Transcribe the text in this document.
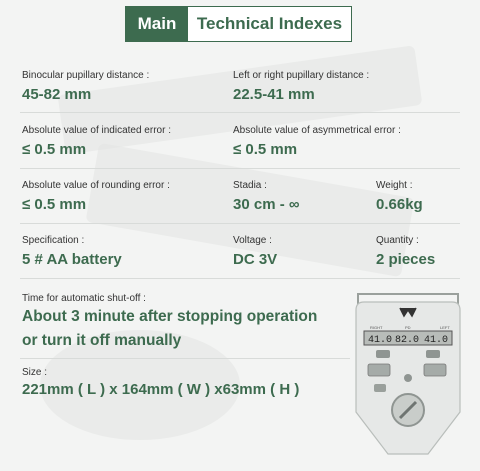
Main	Technical Indexes
Binocular pupillary distance :
45-82 mm
Left or right pupillary distance :
22.5-41 mm
Absolute value of indicated error :
≤ 0.5 mm
Absolute value of asymmetrical error :
≤ 0.5 mm
Absolute value of rounding error :
≤ 0.5 mm
Stadia :
30 cm - ∞
Weight :
0.66kg
Specification :
5 # AA battery
Voltage :
DC 3V
Quantity :
2 pieces
Time for automatic shut-off :
About 3 minute after stopping operation
or turn it off manually
Size :
221mm ( L ) x 164mm ( W ) x63mm ( H )
RIGHT	PD	LEFT
41.0 82.0 41.0
